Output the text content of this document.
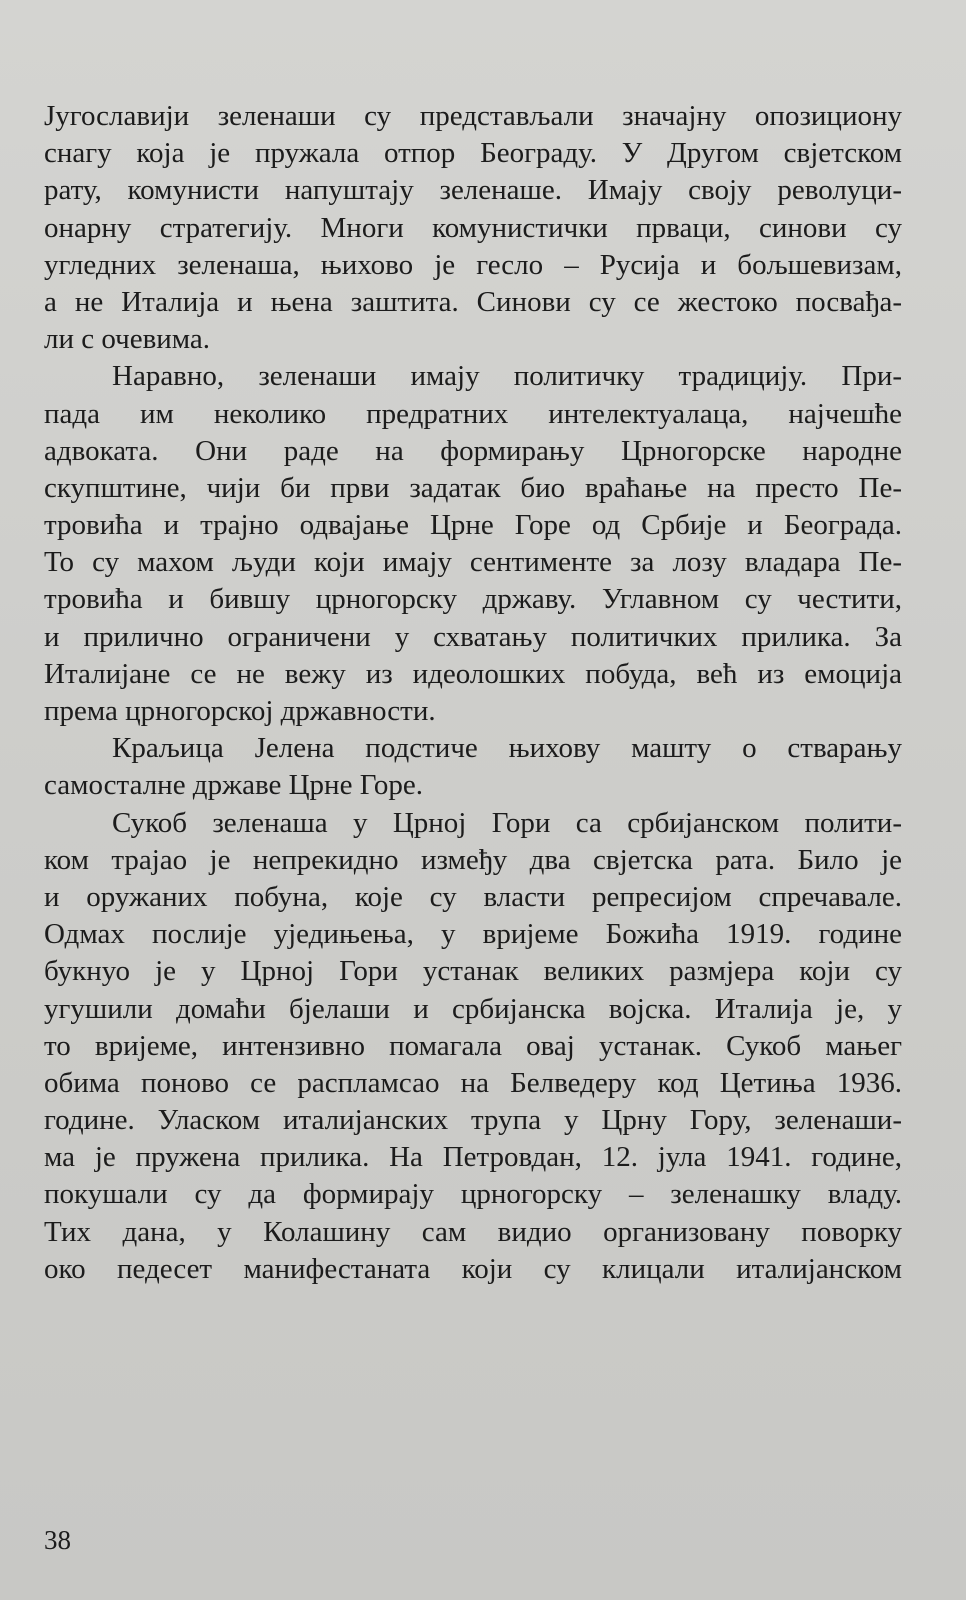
Југославији зеленаши су представљали значајну опозициону
снагу која је пружала отпор Београду. У Другом свјетском
рату, комунисти напуштају зеленаше. Имају своју револуци-
онарну стратегију. Многи комунистички прваци, синови су
угледних зеленаша, њихово је гесло – Русија и бољшевизам,
а не Италија и њена заштита. Синови су се жестоко посвађа-
ли с очевима.
Наравно, зеленаши имају политичку традицију. При-
пада им неколико предратних интелектуалаца, најчешће
адвоката. Они раде на формирању Црногорске народне
скупштине, чији би први задатак био враћање на престо Пе-
тровића и трајно одвајање Црне Горе од Србије и Београда.
То су махом људи који имају сентименте за лозу владара Пе-
тровића и бившу црногорску државу. Углавном су честити,
и прилично ограничени у схватању политичких прилика. За
Италијане се не вежу из идеолошких побуда, већ из емоција
према црногорској државности.
Краљица Јелена подстиче њихову машту о стварању
самосталне државе Црне Горе.
Сукоб зеленаша у Црној Гори са србијанском полити-
ком трајао је непрекидно између два свјетска рата. Било је
и оружаних побуна, које су власти репресијом спречавале.
Одмах послије уједињења, у вријеме Божића 1919. године
букнуо је у Црној Гори устанак великих размјера који су
угушили домаћи бјелаши и србијанска војска. Италија је, у
то вријеме, интензивно помагала овај устанак. Сукоб мањег
обима поново се распламсао на Белведеру код Цетиња 1936.
године. Уласком италијанских трупа у Црну Гору, зеленаши-
ма је пружена прилика. На Петровдан, 12. јула 1941. године,
покушали су да формирају црногорску – зеленашку владу.
Тих дана, у Колашину сам видио организовану поворку
око педесет манифестаната који су клицали италијанском
38
